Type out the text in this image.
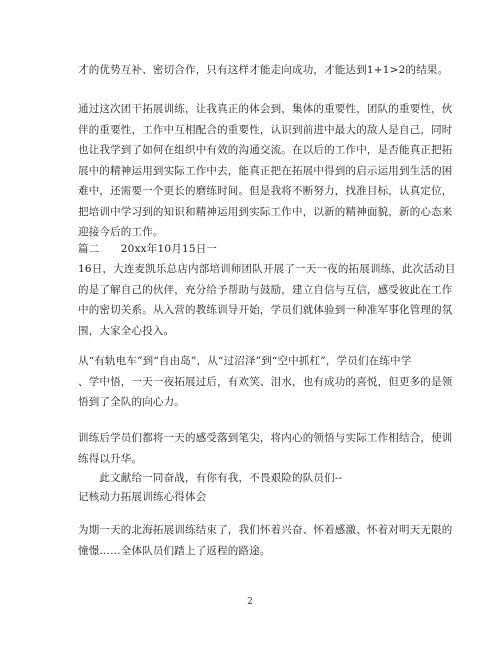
才的优势互补、密切合作，只有这样才能走向成功，才能达到1+1>2的结果。
通过这次团干拓展训练，让我真正的体会到，集体的重要性，团队的重要性，伙
伴的重要性，工作中互相配合的重要性，认识到前进中最大的敌人是自己，同时
也让我学到了如何在组织中有效的沟通交流。在以后的工作中，是否能真正把拓
展中的精神运用到实际工作中去，能真正把在拓展中得到的启示运用到生活的困
难中，还需要一个更长的磨练时间。但是我将不断努力，找准目标，认真定位，
把培训中学习到的知识和精神运用到实际工作中，以新的精神面貌，新的心态来
迎接今后的工作。
篇二　　20xx年10月15日一
16日，大连麦凯乐总店内部培训师团队开展了一天一夜的拓展训练，此次活动目
的是了解自己的伙伴，充分给予帮助与鼓励，建立自信与互信，感受彼此在工作
中的密切关系。从入营的教练训导开始，学员们就体验到一种准军事化管理的氛
围，大家全心投入。
从“有轨电车”到“自由岛”，从“过沼泽”到“空中抓杠”，学员们在练中学
、学中悟，一天一夜拓展过后，有欢笑、泪水，也有成功的喜悦，但更多的是领
悟到了全队的向心力。
训练后学员们都将一天的感受落到笔尖，将内心的领悟与实际工作相结合，使训
练得以升华。
　　此文献给一同奋战，有你有我，不畏艰险的队员们--
记核动力拓展训练心得体会
为期一天的北海拓展训练结束了，我们怀着兴奋、怀着感激、怀着对明天无限的
憧憬……全体队员们踏上了返程的路途。
2
